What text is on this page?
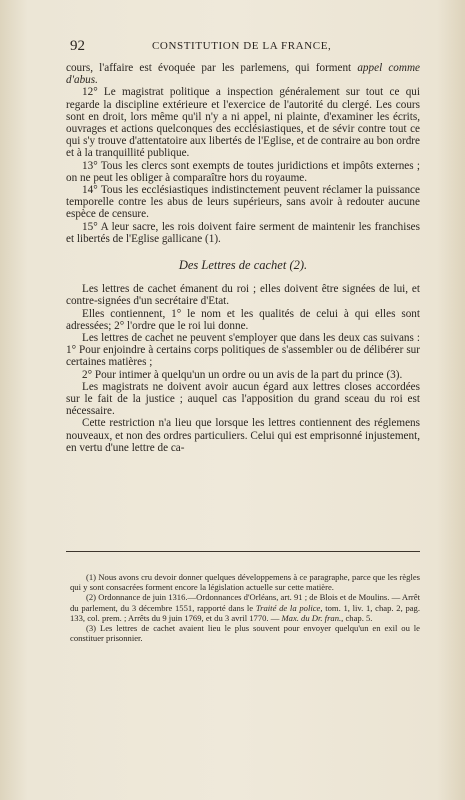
92	CONSTITUTION DE LA FRANCE,

cours, l'affaire est évoquée par les parlemens, qui forment appel comme d'abus.

12° Le magistrat politique a inspection généralement sur tout ce qui regarde la discipline extérieure et l'exercice de l'autorité du clergé. Les cours sont en droit, lors même qu'il n'y a ni appel, ni plainte, d'examiner les écrits, ouvrages et actions quelconques des ecclésiastiques, et de sévir contre tout ce qui s'y trouve d'attentatoire aux libertés de l'Eglise, et de contraire au bon ordre et à la tranquillité publique.

13° Tous les clercs sont exempts de toutes juridictions et impôts externes ; on ne peut les obliger à comparaître hors du royaume.

14° Tous les ecclésiastiques indistinctement peuvent réclamer la puissance temporelle contre les abus de leurs supérieurs, sans avoir à redouter aucune espèce de censure.

15° A leur sacre, les rois doivent faire serment de maintenir les franchises et libertés de l'Eglise gallicane (1).

Des Lettres de cachet (2).

Les lettres de cachet émanent du roi ; elles doivent être signées de lui, et contre-signées d'un secrétaire d'Etat.

Elles contiennent, 1° le nom et les qualités de celui à qui elles sont adressées; 2° l'ordre que le roi lui donne.

Les lettres de cachet ne peuvent s'employer que dans les deux cas suivans : 1° Pour enjoindre à certains corps politiques de s'assembler ou de délibérer sur certaines matières ;

2° Pour intimer à quelqu'un un ordre ou un avis de la part du prince (3).

Les magistrats ne doivent avoir aucun égard aux lettres closes accordées sur le fait de la justice ; auquel cas l'apposition du grand sceau du roi est nécessaire.

Cette restriction n'a lieu que lorsque les lettres contiennent des réglemens nouveaux, et non des ordres particuliers. Celui qui est emprisonné injustement, en vertu d'une lettre de ca-

(1) Nous avons cru devoir donner quelques développemens à ce paragraphe, parce que les règles qui y sont consacrées forment encore la législation actuelle sur cette matière.

(2) Ordonnance de juin 1316.—Ordonnances d'Orléans, art. 91 ; de Blois et de Moulins. — Arrêt du parlement, du 3 décembre 1551, rapporté dans le Traité de la police, tom. 1, liv. 1, chap. 2, pag. 133, col. prem. ; Arrêts du 9 juin 1769, et du 3 avril 1770. — Max. du Dr. fran., chap. 5.

(3) Les lettres de cachet avaient lieu le plus souvent pour envoyer quelqu'un en exil ou le constituer prisonnier.
